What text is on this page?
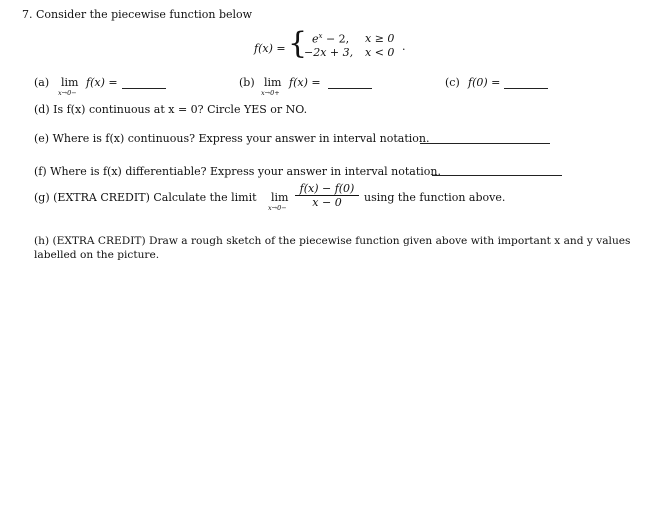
7. Consider the piecewise function below
f(x) = { $e^x - 2$, x ≥ 0
−2x + 3, x < 0 .
(a) lim
x→0−
f(x) =	(b) lim
x→0+
f(x) =	(c) f(0) =
(d) Is f(x) continuous at x = 0? Circle YES or NO.
(e) Where is f(x) continuous? Express your answer in interval notation.
(f) Where is f(x) differentiable? Express your answer in interval notation.
(g) (EXTRA CREDIT) Calculate the limit lim
$x\to 0- \frac{f(x) - f(0)}{x - 0}$ using the function above.
(h) (EXTRA CREDIT) Draw a rough sketch of the piecewise function given above with important x and y values
labelled on the picture.
